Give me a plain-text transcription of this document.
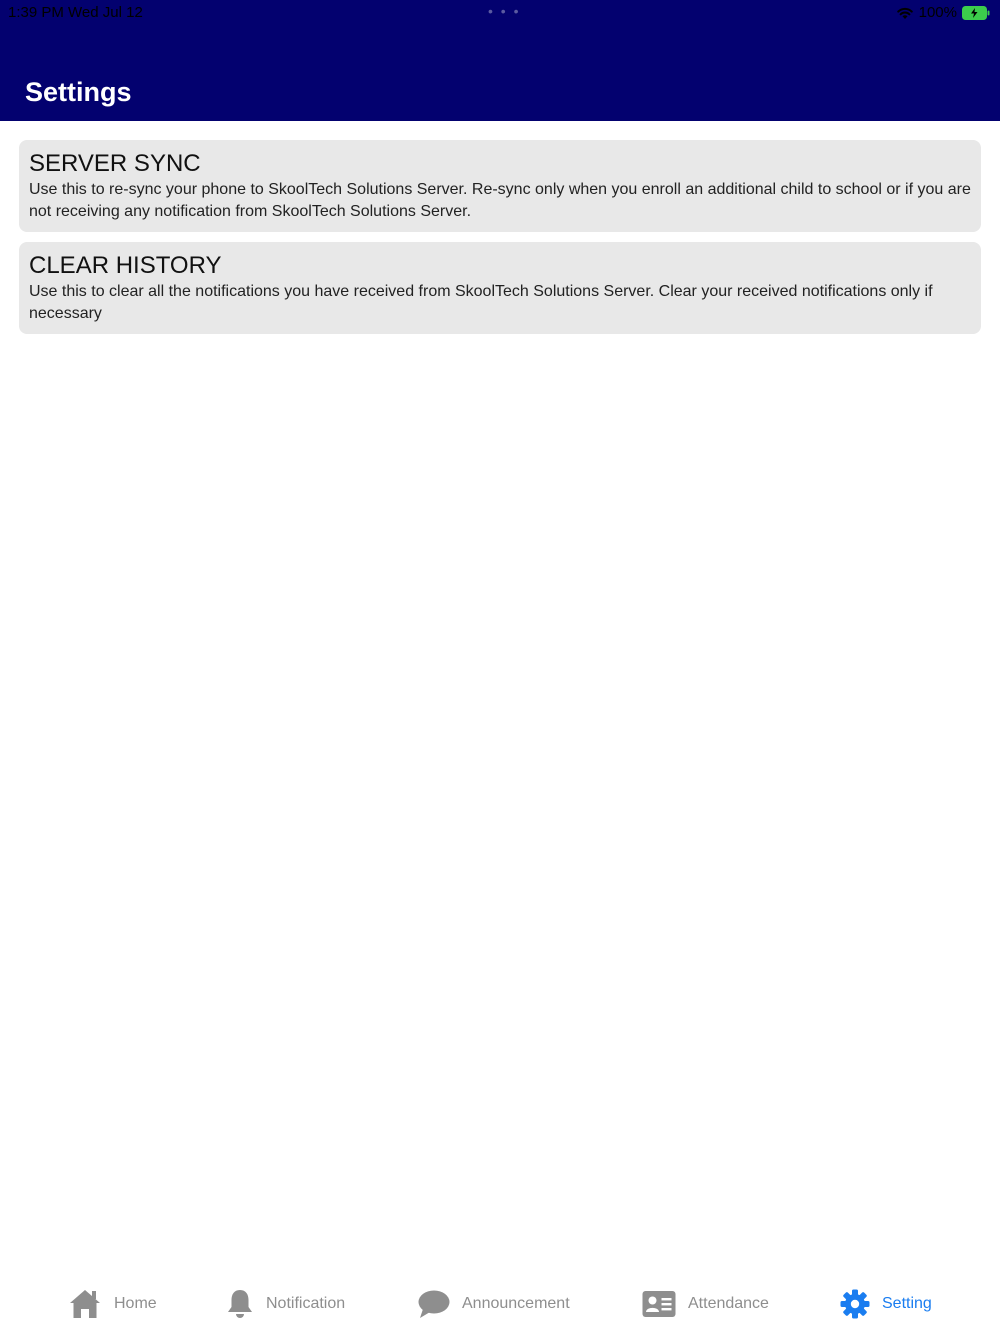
1:39 PM Wed Jul 12	• • •	100%
Settings
SERVER SYNC
Use this to re-sync your phone to SkoolTech Solutions Server. Re-sync only when you enroll an additional child to school or if you are not receiving any notification from SkoolTech Solutions Server.
CLEAR HISTORY
Use this to clear all the notifications you have received from SkoolTech Solutions Server. Clear your received notifications only if necessary
Home	Notification	Announcement	Attendance	Setting
